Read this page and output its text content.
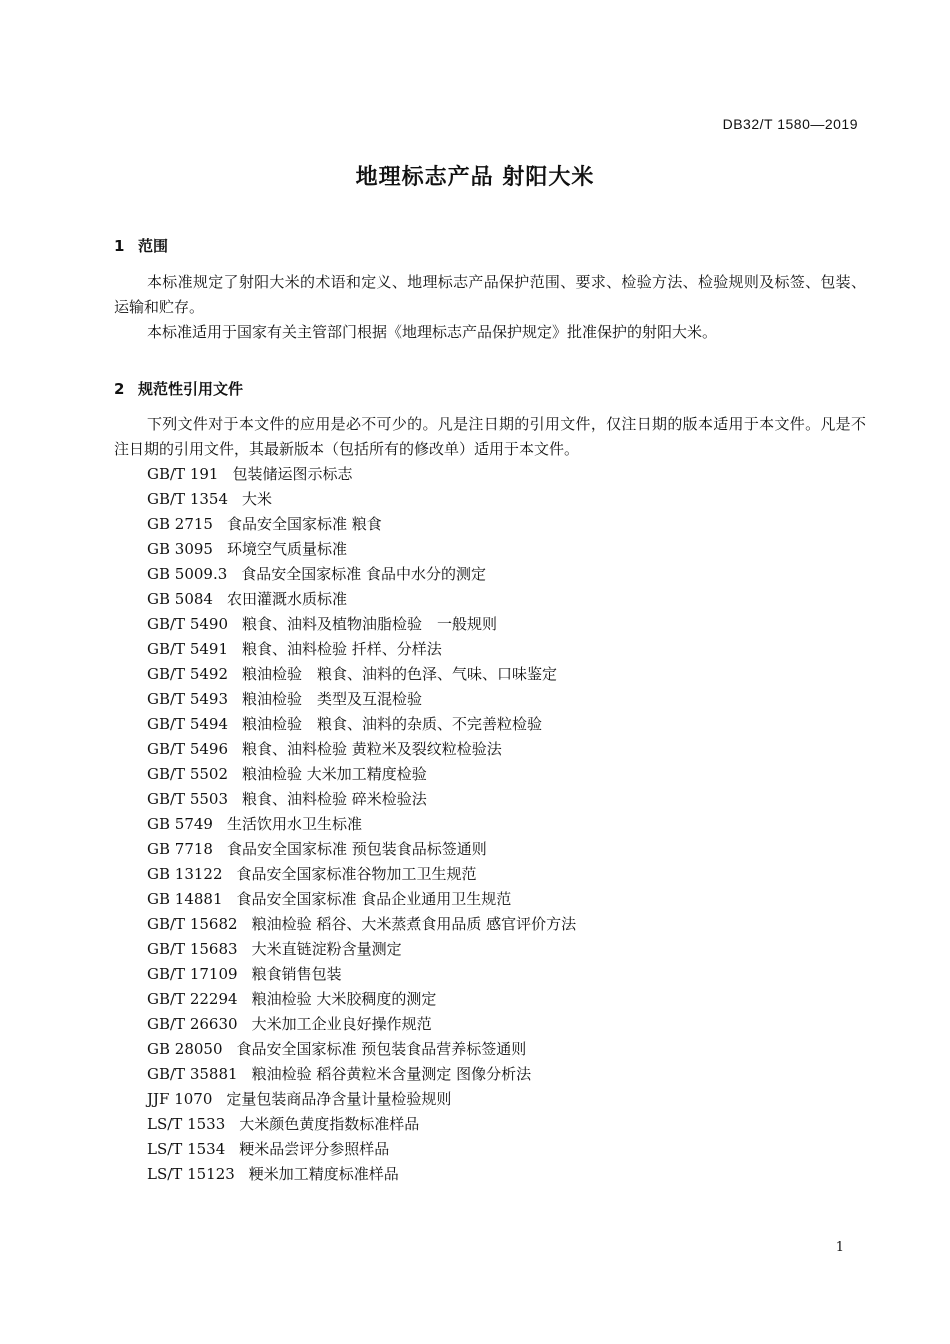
DB32/T 1580—2019
地理标志产品 射阳大米
1 范围

本标准规定了射阳大米的术语和定义、地理标志产品保护范围、要求、检验方法、检验规则及标签、包装、运输和贮存。

本标准适用于国家有关主管部门根据《地理标志产品保护规定》批准保护的射阳大米。

2 规范性引用文件

下列文件对于本文件的应用是必不可少的。凡是注日期的引用文件，仅注日期的版本适用于本文件。凡是不注日期的引用文件，其最新版本（包括所有的修改单）适用于本文件。

GB/T 191 包装储运图示标志
GB/T 1354 大米
GB 2715 食品安全国家标准 粮食
GB 3095 环境空气质量标准
GB 5009.3 食品安全国家标准 食品中水分的测定
GB 5084 农田灌溉水质标准
GB/T 5490 粮食、油料及植物油脂检验　一般规则
GB/T 5491 粮食、油料检验 扦样、分样法
GB/T 5492 粮油检验　粮食、油料的色泽、气味、口味鉴定
GB/T 5493 粮油检验　类型及互混检验
GB/T 5494 粮油检验　粮食、油料的杂质、不完善粒检验
GB/T 5496 粮食、油料检验 黄粒米及裂纹粒检验法
GB/T 5502 粮油检验 大米加工精度检验
GB/T 5503 粮食、油料检验 碎米检验法
GB 5749 生活饮用水卫生标准
GB 7718 食品安全国家标准 预包装食品标签通则
GB 13122 食品安全国家标准谷物加工卫生规范
GB 14881 食品安全国家标准 食品企业通用卫生规范
GB/T 15682 粮油检验 稻谷、大米蒸煮食用品质 感官评价方法
GB/T 15683 大米直链淀粉含量测定
GB/T 17109 粮食销售包装
GB/T 22294 粮油检验 大米胶稠度的测定
GB/T 26630 大米加工企业良好操作规范
GB 28050 食品安全国家标准 预包装食品营养标签通则
GB/T 35881 粮油检验 稻谷黄粒米含量测定 图像分析法
JJF 1070 定量包装商品净含量计量检验规则
LS/T 1533 大米颜色黄度指数标准样品
LS/T 1534 粳米品尝评分参照样品
LS/T 15123 粳米加工精度标准样品
1
